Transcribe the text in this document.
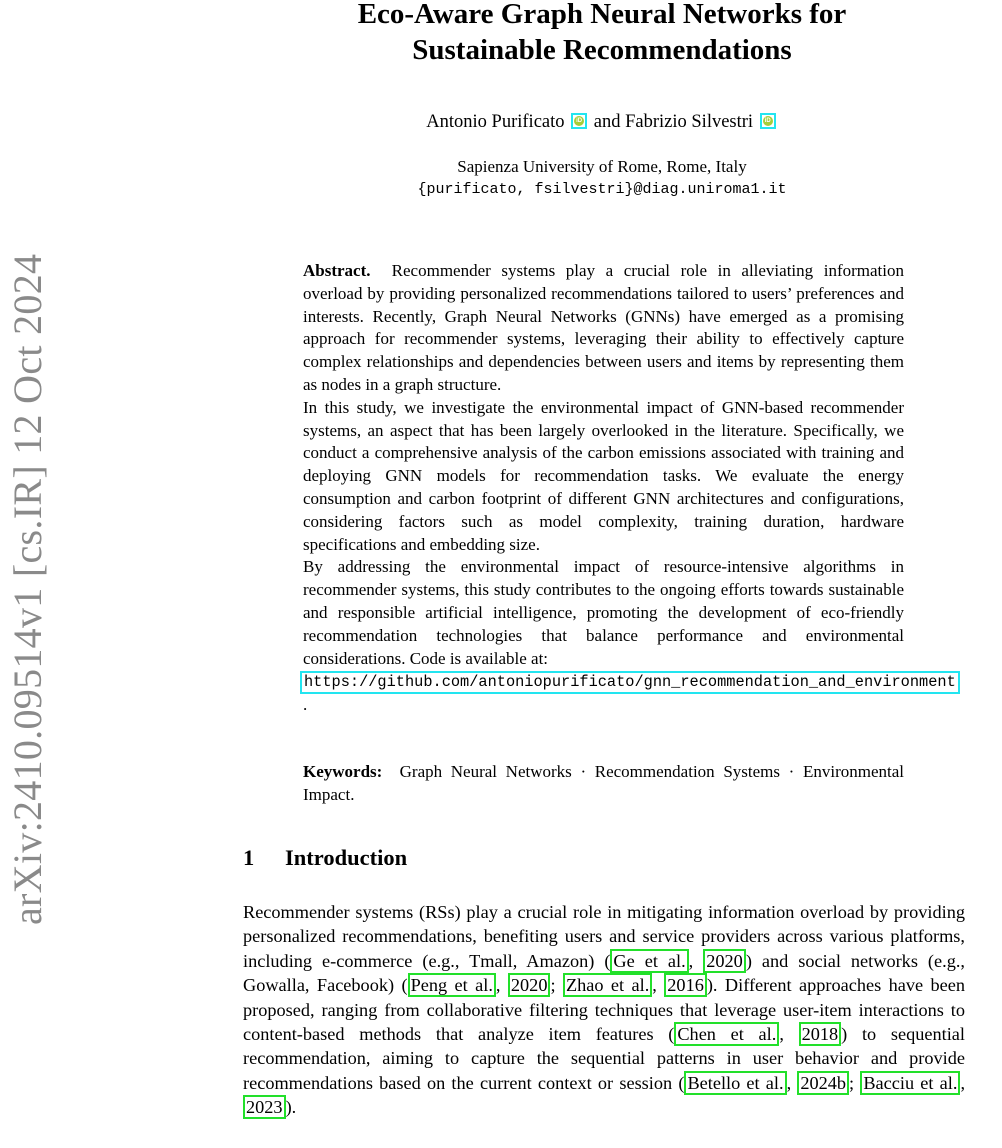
arXiv:2410.09514v1 [cs.IR] 12 Oct 2024
Eco-Aware Graph Neural Networks for
Sustainable Recommendations
Antonio Purificato	iD and Fabrizio Silvestri	iD
Sapienza University of Rome, Rome, Italy
{purificato, fsilvestri}@diag.uniroma1.it

Abstract. Recommender systems play a crucial role in alleviating information overload by providing personalized recommendations tailored to users’ preferences and interests. Recently, Graph Neural Networks (GNNs) have emerged as a promising approach for recommender systems, leveraging their ability to effectively capture complex relationships and dependencies between users and items by representing them as nodes in a graph structure.

In this study, we investigate the environmental impact of GNN-based recommender systems, an aspect that has been largely overlooked in the literature. Specifically, we conduct a comprehensive analysis of the carbon emissions associated with training and deploying GNN models for recommendation tasks. We evaluate the energy consumption and carbon footprint of different GNN architectures and configurations, considering factors such as model complexity, training duration, hardware specifications and embedding size.

By addressing the environmental impact of resource-intensive algorithms in recommender systems, this study contributes to the ongoing efforts towards sustainable and responsible artificial intelligence, promoting the development of eco-friendly recommendation technologies that balance performance and environmental considerations. Code is available at:
https://github.com/antoniopurificato/gnn_recommendation_and_environment.

Keywords: Graph Neural Networks · Recommendation Systems · Environmental Impact.
1 Introduction
Recommender systems (RSs) play a crucial role in mitigating information overload by providing personalized recommendations, benefiting users and service providers across various platforms, including e-commerce (e.g., Tmall, Amazon) ( Ge et al. , 2020 ) and social networks (e.g., Gowalla, Facebook) ( Peng et al. , 2020 ; Zhao et al. , 2016 ). Different approaches have been proposed, ranging from collaborative filtering techniques that leverage user-item interactions to content-based methods that analyze item features ( Chen et al. , 2018 ) to sequential recommendation, aiming to capture the sequential patterns in user behavior and provide recommendations based on the current context or session ( Betello et al. , 2024b ; Bacciu et al. , 2023 ).
